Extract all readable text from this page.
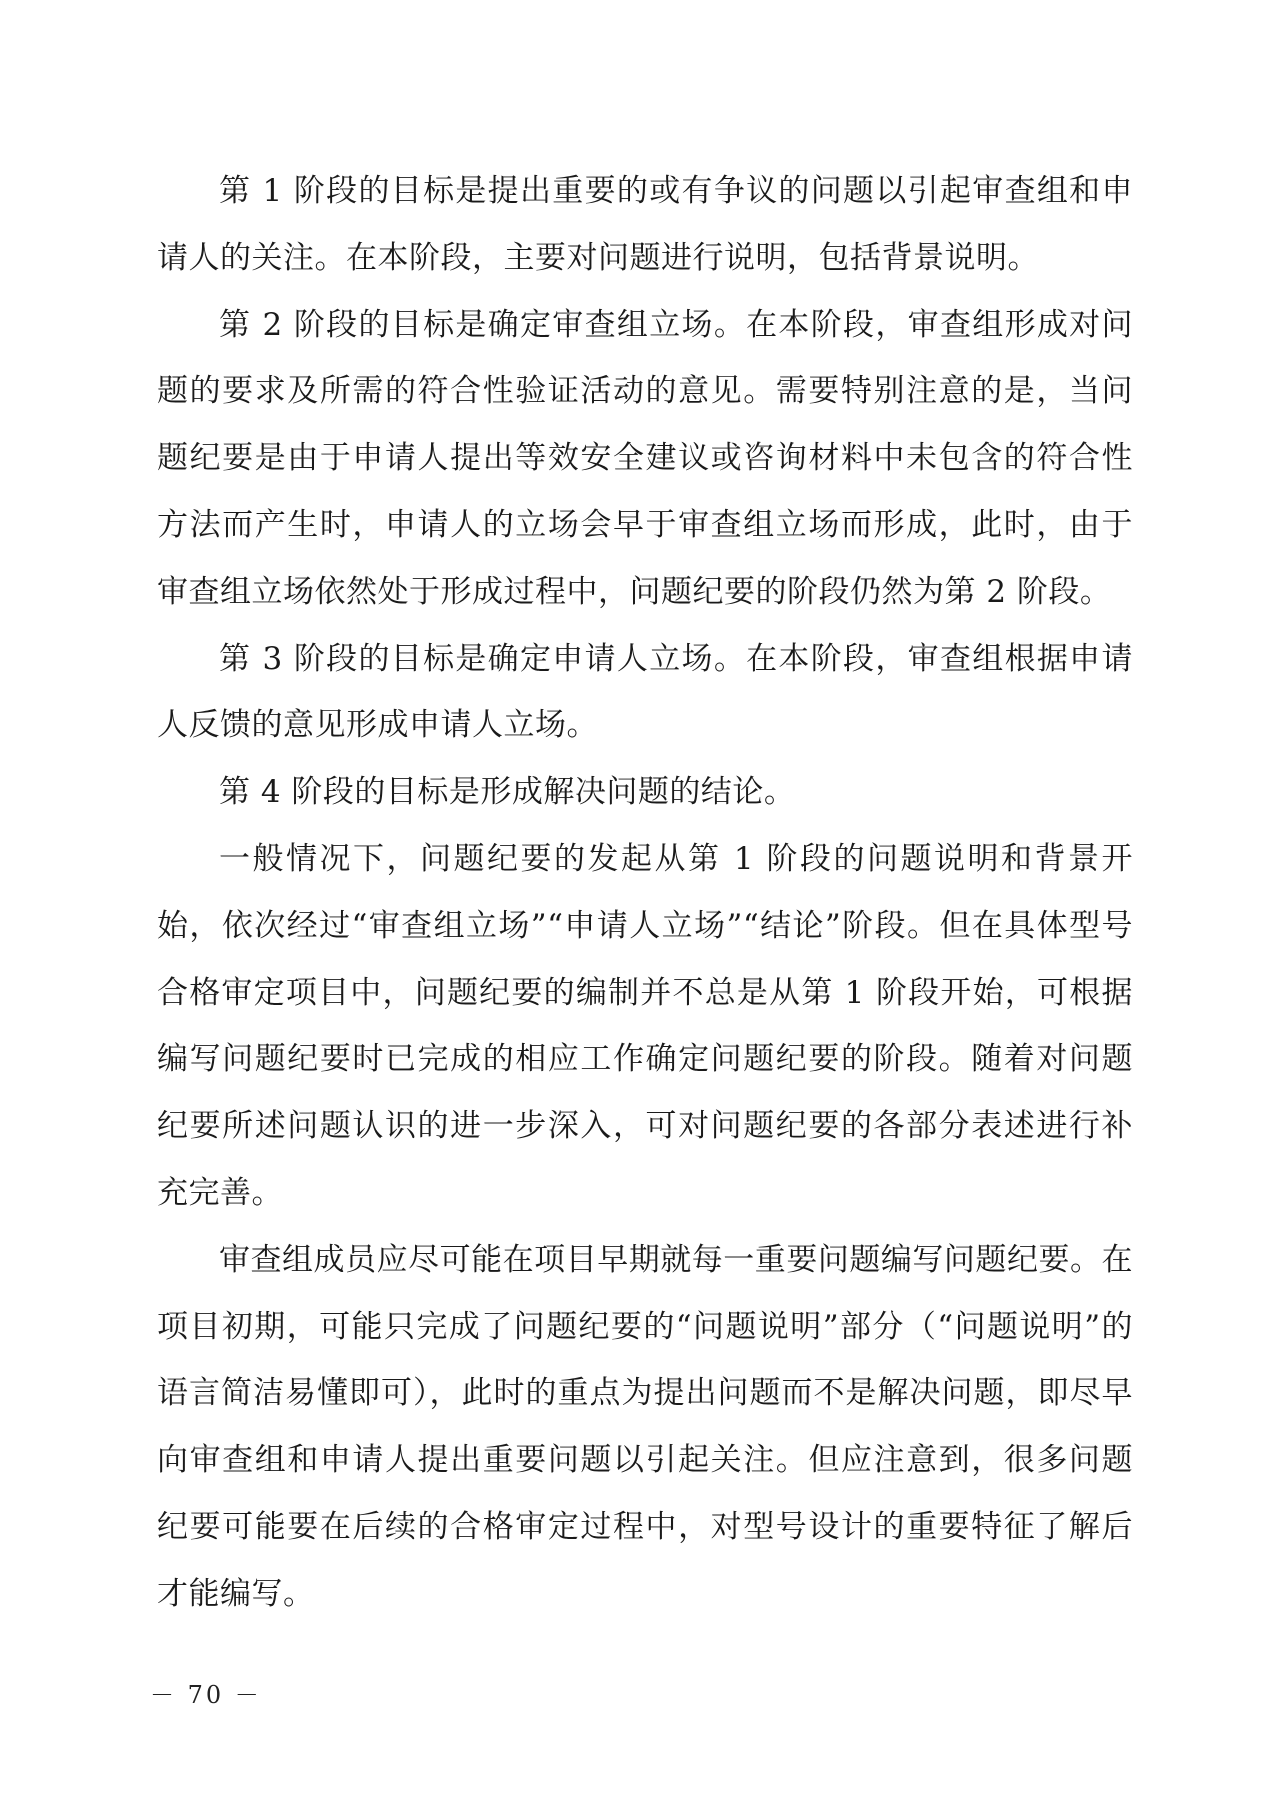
第 1 阶段的目标是提出重要的或有争议的问题以引起审查组和申请人的关注。在本阶段，主要对问题进行说明，包括背景说明。

第 2 阶段的目标是确定审查组立场。在本阶段，审查组形成对问题的要求及所需的符合性验证活动的意见。需要特别注意的是，当问题纪要是由于申请人提出等效安全建议或咨询材料中未包含的符合性方法而产生时，申请人的立场会早于审查组立场而形成，此时，由于审查组立场依然处于形成过程中，问题纪要的阶段仍然为第 2 阶段。

第 3 阶段的目标是确定申请人立场。在本阶段，审查组根据申请人反馈的意见形成申请人立场。

第 4 阶段的目标是形成解决问题的结论。

一般情况下，问题纪要的发起从第 1 阶段的问题说明和背景开始，依次经过“审查组立场”“申请人立场”“结论”阶段。但在具体型号合格审定项目中，问题纪要的编制并不总是从第 1 阶段开始，可根据编写问题纪要时已完成的相应工作确定问题纪要的阶段。随着对问题纪要所述问题认识的进一步深入，可对问题纪要的各部分表述进行补充完善。

审查组成员应尽可能在项目早期就每一重要问题编写问题纪要。在项目初期，可能只完成了问题纪要的“问题说明”部分（“问题说明”的语言简洁易懂即可），此时的重点为提出问题而不是解决问题，即尽早向审查组和申请人提出重要问题以引起关注。但应注意到，很多问题纪要可能要在后续的合格审定过程中，对型号设计的重要特征了解后才能编写。

－ 70 －
